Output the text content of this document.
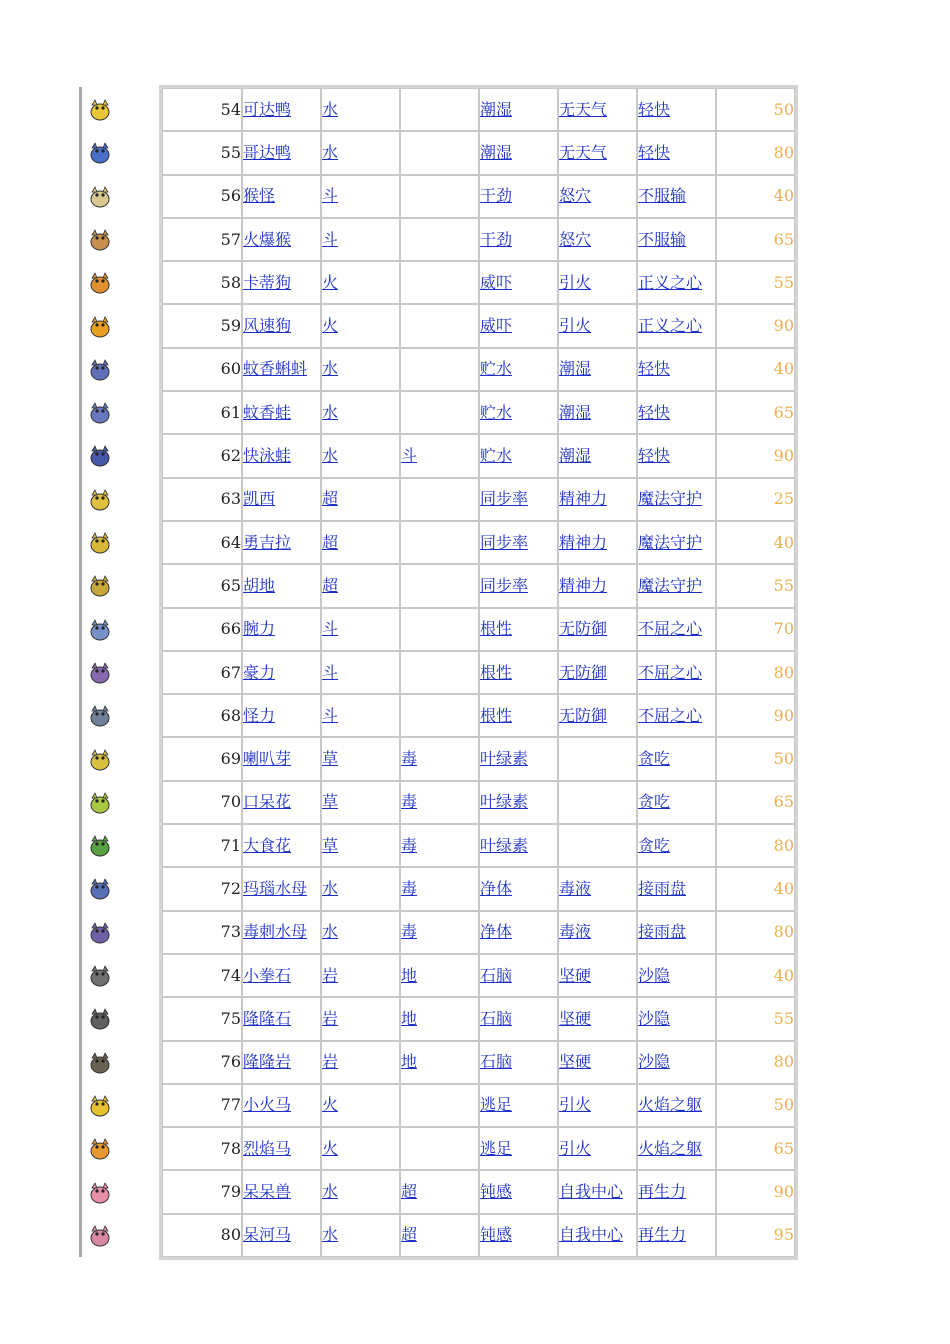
54	可达鸭	水		潮湿	无天气	轻快	50
55	哥达鸭	水		潮湿	无天气	轻快	80
56	猴怪	斗		干劲	怒穴	不服输	40
57	火爆猴	斗		干劲	怒穴	不服输	65
58	卡蒂狗	火		威吓	引火	正义之心	55
59	风速狗	火		威吓	引火	正义之心	90
60	蚊香蝌蚪	水		贮水	潮湿	轻快	40
61	蚊香蛙	水		贮水	潮湿	轻快	65
62	快泳蛙	水	斗	贮水	潮湿	轻快	90
63	凯西	超		同步率	精神力	魔法守护	25
64	勇吉拉	超		同步率	精神力	魔法守护	40
65	胡地	超		同步率	精神力	魔法守护	55
66	腕力	斗		根性	无防御	不屈之心	70
67	豪力	斗		根性	无防御	不屈之心	80
68	怪力	斗		根性	无防御	不屈之心	90
69	喇叭芽	草	毒	叶绿素		贪吃	50
70	口呆花	草	毒	叶绿素		贪吃	65
71	大食花	草	毒	叶绿素		贪吃	80
72	玛瑙水母	水	毒	净体	毒液	接雨盘	40
73	毒刺水母	水	毒	净体	毒液	接雨盘	80
74	小拳石	岩	地	石脑	坚硬	沙隐	40
75	隆隆石	岩	地	石脑	坚硬	沙隐	55
76	隆隆岩	岩	地	石脑	坚硬	沙隐	80
77	小火马	火		逃足	引火	火焰之躯	50
78	烈焰马	火		逃足	引火	火焰之躯	65
79	呆呆兽	水	超	钝感	自我中心	再生力	90
80	呆河马	水	超	钝感	自我中心	再生力	95
